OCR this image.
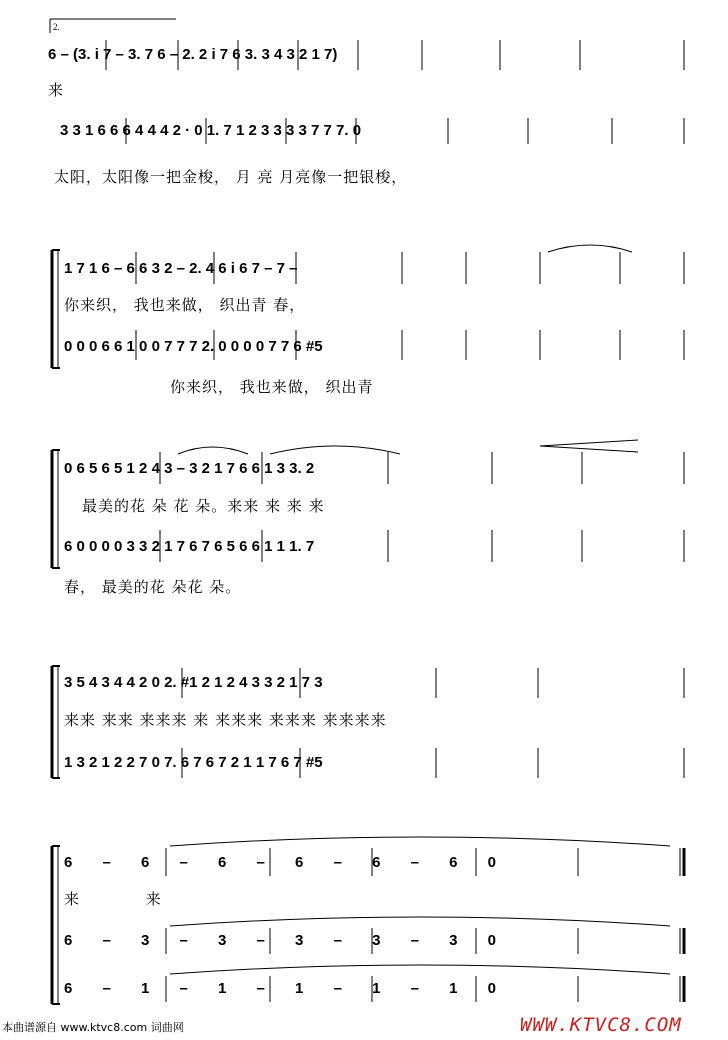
2.
6 – (3. i 7 – 3. 7 6 – 2. 2 i 7 6 3. 3 4 3 2 1 7)
来
3 3 1 6 6 6 4 4 4 2 · 0 1. 7 1 2 3 3 3 3 7 7 7. 0
太阳，太阳像一把金梭， 月 亮 月亮像一把银梭，
1 7 1 6 – 6 6 3 2 – 2. 4 6 i 6 7 – 7 –
你来织， 我也来做， 织出青 春，
0 0 0 6 6 1 0 0 7 7 7 2. 0 0 0 0 7 7 6 #5
你来织， 我也来做， 织出青
0 6 5 6 5 1 2 4 3 – 3 2 1 7 6 6 1 3 3. 2
最美的花 朵 花 朵。来来 来 来 来
6 0 0 0 0 3 3 2 1 7 6 7 6 5 6 6 1 1 1. 7
春， 最美的花 朵花 朵。
3 5 4 3 4 4 2 0 2. #1 2 1 2 4 3 3 2 1 7 3
来来 来来 来来来 来 来来来 来来来 来来来来
1 3 2 1 2 2 7 0 7. 6 7 6 7 2 1 1 7 6 7 #5
6 – 6 – 6 – 6 – 6 – 6 0
来 来
6 – 3 – 3 – 3 – 3 – 3 0
6 – 1 – 1 – 1 – 1 – 1 0
本曲谱源自 www.ktvc8.com 词曲网	WWW.KTVC8.COM
